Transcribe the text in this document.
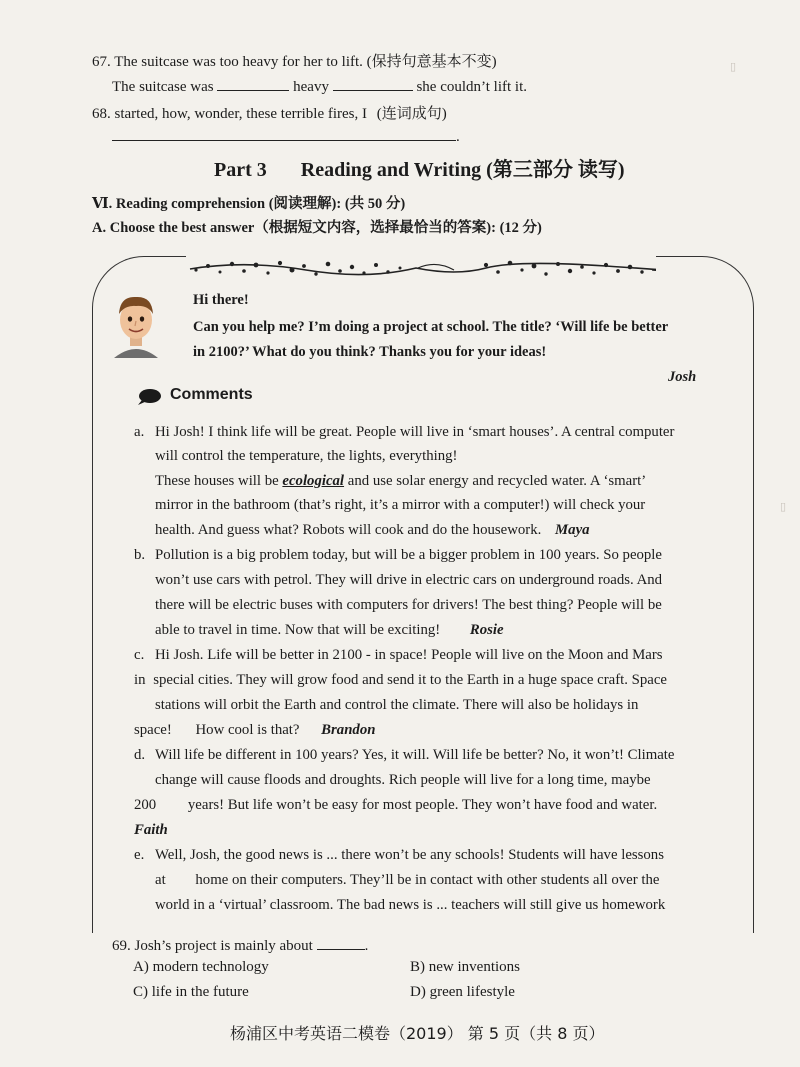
▯
▯
67. The suitcase was too heavy for her to lift. (保持句意基本不变)
The suitcase was	heavy	she couldn’t lift it.
68. started, how, wonder, these terrible fires, I (连词成句)
.
Part 3 Reading and Writing (第三部分 读写)
Ⅵ. Reading comprehension (阅读理解): (共 50 分)
A. Choose the best answer（根据短文内容，选择最恰当的答案): (12 分)
Hi there!
Can you help me? I’m doing a project at school. The title? ‘Will life be better
in 2100?’ What do you think? Thanks you for your ideas!
Josh
Comments
a. Hi Josh! I think life will be great. People will live in ‘smart houses’. A central computer
will control the temperature, the lights, everything!
These houses will be ecological and use solar energy and recycled water. A ‘smart’
mirror in the bathroom (that’s right, it’s a mirror with a computer!) will check your
health. And guess what? Robots will cook and do the housework. Maya
b. Pollution is a big problem today, but will be a bigger problem in 100 years. So people
won’t use cars with petrol. They will drive in electric cars on underground roads. And
there will be electric buses with computers for drivers! The best thing? People will be
able to travel in time. Now that will be exciting! Rosie
c. Hi Josh. Life will be better in 2100 - in space! People will live on the Moon and Mars
in special cities. They will grow food and send it to the Earth in a huge space craft. Space
stations will orbit the Earth and control the climate. There will also be holidays in
space! How cool is that? Brandon
d. Will life be different in 100 years? Yes, it will. Will life be better? No, it won’t! Climate
change will cause floods and droughts. Rich people will live for a long time, maybe
200 years! But life won’t be easy for most people. They won’t have food and water.
Faith
e. Well, Josh, the good news is ... there won’t be any schools! Students will have lessons
at home on their computers. They’ll be in contact with other students all over the
world in a ‘virtual’ classroom. The bad news is ... teachers will still give us homework
69. Josh’s project is mainly about	.
A) modern technology	B) new inventions
C) life in the future	D) green lifestyle
杨浦区中考英语二模卷（2019） 第 5 页（共 8 页）
